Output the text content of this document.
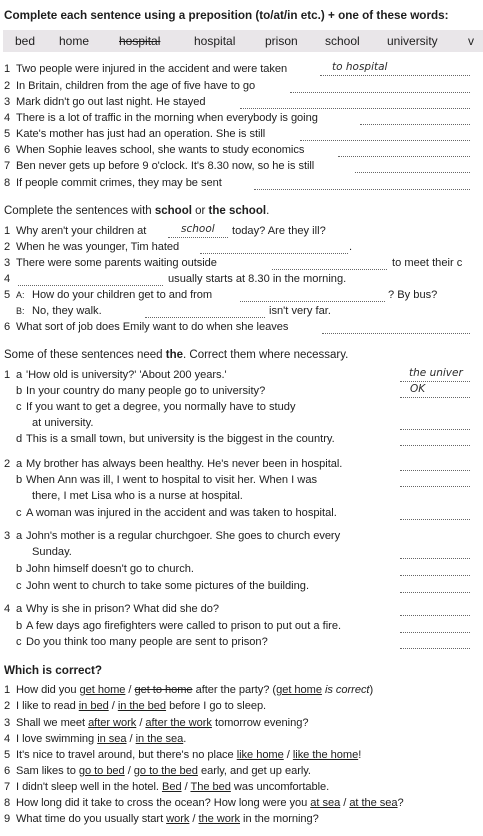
Complete each sentence using a preposition (to/at/in etc.) + one of these words:
bed home hospital	hospital prison school university	v
1 Two people were injured in the accident and were taken	to hospital
2 In Britain, children from the age of five have to go
3 Mark didn't go out last night. He stayed
4 There is a lot of traffic in the morning when everybody is going
5 Kate's mother has just had an operation. She is still
6 When Sophie leaves school, she wants to study economics
7 Ben never gets up before 9 o'clock. It's 8.30 now, so he is still
8 If people commit crimes, they may be sent
Complete the sentences with school or the school.
1 Why aren't your children at	school today? Are they ill?
2 When he was younger, Tim hated	.
3 There were some parents waiting outside	to meet their c
4	usually starts at 8.30 in the morning.
5 A: How do your children get to and from	? By bus?
B: No, they walk.	isn't very far.
6 What sort of job does Emily want to do when she leaves
Some of these sentences need the. Correct them where necessary.
1 a 'How old is university?' 'About 200 years.'	the univer
b In your country do many people go to university?	OK
c If you want to get a degree, you normally have to study
at university.
d This is a small town, but university is the biggest in the country.
2 a My brother has always been healthy. He's never been in hospital.
b When Ann was ill, I went to hospital to visit her. When I was
there, I met Lisa who is a nurse at hospital.
c A woman was injured in the accident and was taken to hospital.
3 a John's mother is a regular churchgoer. She goes to church every
Sunday.
b John himself doesn't go to church.
c John went to church to take some pictures of the building.
4 a Why is she in prison? What did she do?
b A few days ago firefighters were called to prison to put out a fire.
c Do you think too many people are sent to prison?
Which is correct?
1 How did you get home / get to home after the party? (get home is correct)
2 I like to read in bed / in the bed before I go to sleep.
3 Shall we meet after work / after the work tomorrow evening?
4 I love swimming in sea / in the sea.
5 It's nice to travel around, but there's no place like home / like the home!
6 Sam likes to go to bed / go to the bed early, and get up early.
7 I didn't sleep well in the hotel. Bed / The bed was uncomfortable.
8 How long did it take to cross the ocean? How long were you at sea / at the sea?
9 What time do you usually start work / the work in the morning?
